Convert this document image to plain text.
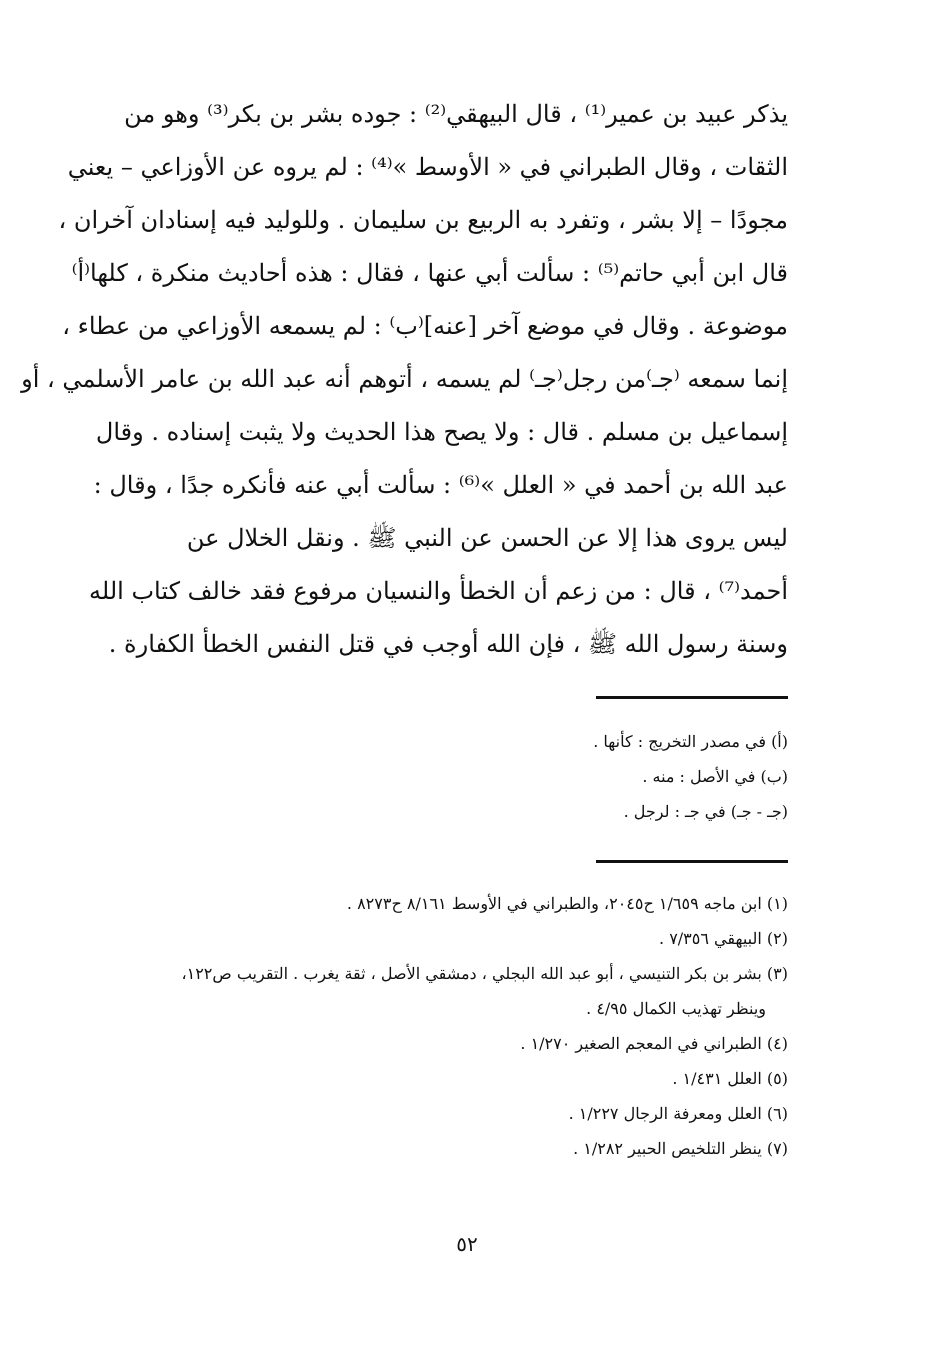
يذكر عبيد بن عمير⁽¹⁾ ، قال البيهقي⁽²⁾ : جوده بشر بن بكر⁽³⁾ وهو من
الثقات ، وقال الطبراني في « الأوسط »⁽⁴⁾ : لم يروه عن الأوزاعي – يعني
مجودًا – إلا بشر ، وتفرد به الربيع بن سليمان . وللوليد فيه إسنادان آخران ،
قال ابن أبي حاتم⁽⁵⁾ : سألت أبي عنها ، فقال : هذه أحاديث منكرة ، كلها⁽أ⁾
موضوعة . وقال في موضع آخر [عنه]⁽ب⁾ : لم يسمعه الأوزاعي من عطاء ،
إنما سمعه ⁽جـ⁾من رجل⁽جـ⁾ لم يسمه ، أتوهم أنه عبد الله بن عامر الأسلمي ، أو
إسماعيل بن مسلم . قال : ولا يصح هذا الحديث ولا يثبت إسناده . وقال
عبد الله بن أحمد في « العلل »⁽⁶⁾ : سألت أبي عنه فأنكره جدًا ، وقال :
ليس يروى هذا إلا عن الحسن عن النبي ﷺ . ونقل الخلال عن
أحمد⁽⁷⁾ ، قال : من زعم أن الخطأ والنسيان مرفوع فقد خالف كتاب الله
وسنة رسول الله ﷺ ، فإن الله أوجب في قتل النفس الخطأ الكفارة .
(أ) في مصدر التخريج : كأنها .
(ب) في الأصل : منه .
(جـ - جـ) في جـ : لرجل .
(١) ابن ماجه ١/٦٥٩ ح٢٠٤٥، والطبراني في الأوسط ٨/١٦١ ح٨٢٧٣ .
(٢) البيهقي ٧/٣٥٦ .
(٣) بشر بن بكر التنيسي ، أبو عبد الله البجلي ، دمشقي الأصل ، ثقة يغرب . التقريب ص١٢٢،
وينظر تهذيب الكمال ٤/٩٥ .
(٤) الطبراني في المعجم الصغير ١/٢٧٠ .
(٥) العلل ١/٤٣١ .
(٦) العلل ومعرفة الرجال ١/٢٢٧ .
(٧) ينظر التلخيص الحبير ١/٢٨٢ .
٥٢
